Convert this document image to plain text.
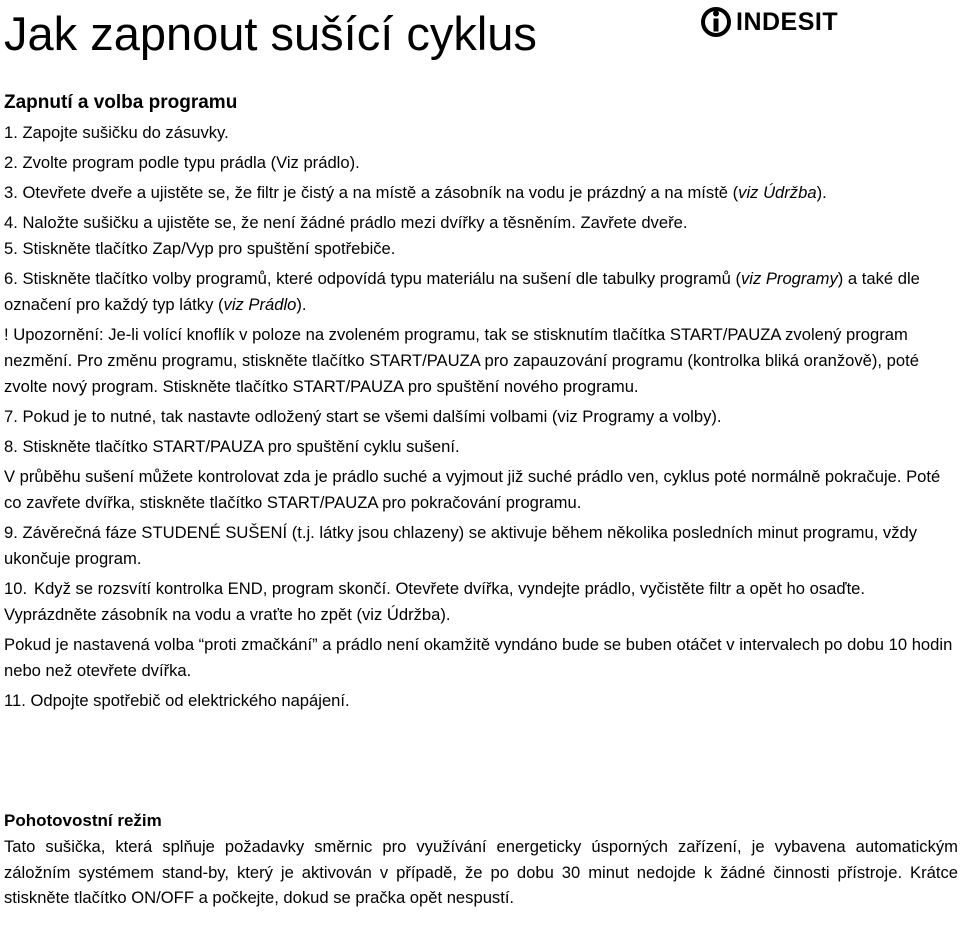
Jak zapnout sušící cyklus	INDESIT
Zapnutí a volba programu

1. Zapojte sušičku do zásuvky.

2. Zvolte program podle typu prádla (Viz prádlo).

3. Otevřete dveře a ujistěte se, že filtr je čistý a na místě a zásobník na vodu je prázdný a na místě (viz Údržba).

4. Naložte sušičku a ujistěte se, že není žádné prádlo mezi dvířky a těsněním. Zavřete dveře.

5. Stiskněte tlačítko Zap/Vyp pro spuštění spotřebiče.

6. Stiskněte tlačítko volby programů, které odpovídá typu materiálu na sušení dle tabulky programů (viz Programy) a také dle označení pro každý typ látky (viz Prádlo).

! Upozornění: Je-li volící knoflík v poloze na zvoleném programu, tak se stisknutím tlačítka START/PAUZA zvolený program nezmění. Pro změnu programu, stiskněte tlačítko START/PAUZA pro zapauzování programu (kontrolka bliká oranžově), poté zvolte nový program. Stiskněte tlačítko START/PAUZA pro spuštění nového programu.

7. Pokud je to nutné, tak nastavte odložený start se všemi dalšími volbami (viz Programy a volby).

8. Stiskněte tlačítko START/PAUZA pro spuštění cyklu sušení.

V průběhu sušení můžete kontrolovat zda je prádlo suché a vyjmout již suché prádlo ven, cyklus poté normálně pokračuje. Poté co zavřete dvířka, stiskněte tlačítko START/PAUZA pro pokračování programu.

9. Závěrečná fáze STUDENÉ SUŠENÍ (t.j. látky jsou chlazeny) se aktivuje během několika posledních minut programu, vždy ukončuje program.

10. Když se rozsvítí kontrolka END, program skončí. Otevřete dvířka, vyndejte prádlo, vyčistěte filtr a opět ho osaďte. Vyprázdněte zásobník na vodu a vraťte ho zpět (viz Údržba).

Pokud je nastavená volba “proti zmačkání” a prádlo není okamžitě vyndáno bude se buben otáčet v intervalech po dobu 10 hodin nebo než otevřete dvířka.

11. Odpojte spotřebič od elektrického napájení.

Pohotovostní režim

Tato sušička, která splňuje požadavky směrnic pro využívání energeticky úsporných zařízení, je vybavena automatickým záložním systémem stand-by, který je aktivován v případě, že po dobu 30 minut nedojde k žádné činnosti přístroje. Krátce stiskněte tlačítko ON/OFF a počkejte, dokud se pračka opět nespustí.
